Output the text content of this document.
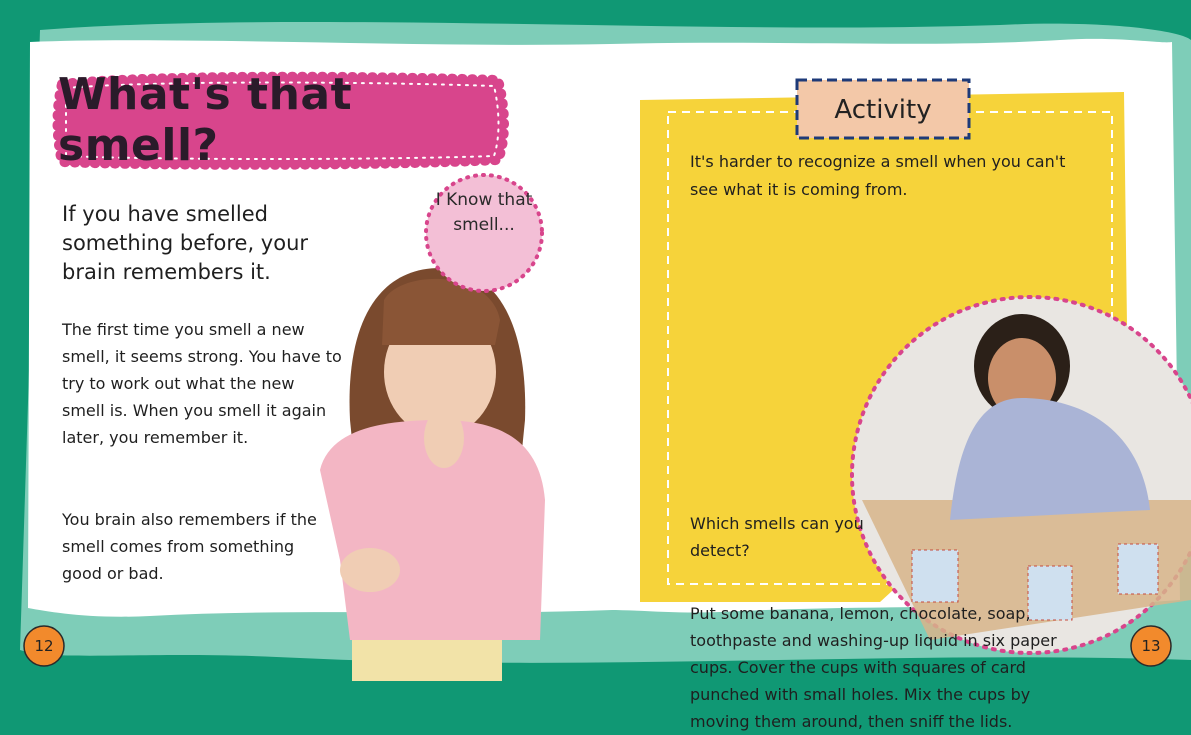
What's that smell?
If you have smelled something before, your brain remembers it.
The first time you smell a new smell, it seems strong. You have to try to work out what the new smell is. When you smell it again later, you remember it.
You brain also remembers if the smell comes from something good or bad.
I Know that smell...
12
Activity
It's harder to recognize a smell when you can't see what it is coming from.
Put some banana, lemon, chocolate, soap, toothpaste and washing-up liquid in six paper cups. Cover the cups with squares of card punched with small holes. Mix the cups by moving them around, then sniff the lids.
Which smells can you detect?
13
